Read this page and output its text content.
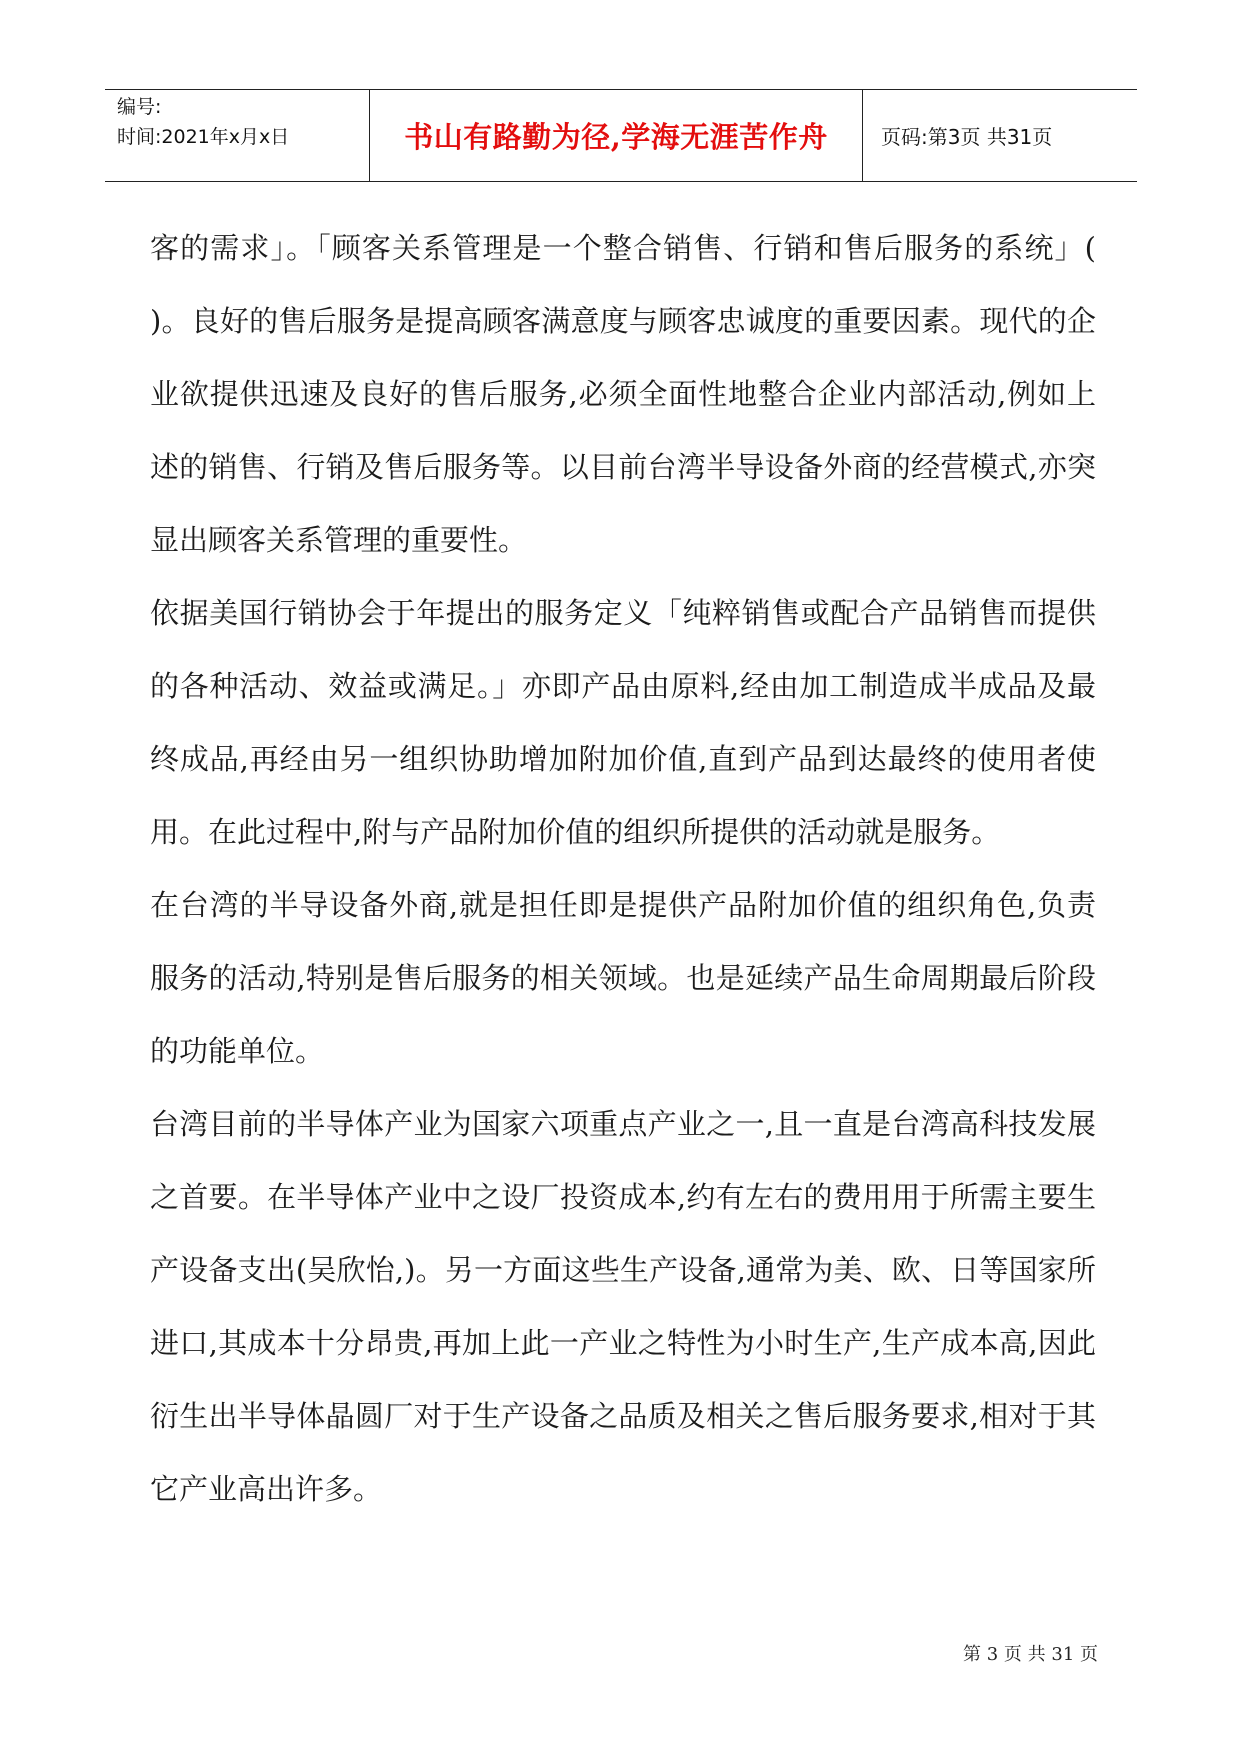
编号:
时间:2021年x月x日	书山有路勤为径,学海无涯苦作舟	页码:第3页 共31页

客的需求」。「顾客关系管理是一个整合销售、行销和售后服务的系统」( )。良好的售后服务是提高顾客满意度与顾客忠诚度的重要因素。现代的企业欲提供迅速及良好的售后服务,必须全面性地整合企业内部活动,例如上述的销售、行销及售后服务等。以目前台湾半导设备外商的经营模式,亦突显出顾客关系管理的重要性。

依据美国行销协会于年提出的服务定义「纯粹销售或配合产品销售而提供的各种活动、效益或满足。」亦即产品由原料,经由加工制造成半成品及最终成品,再经由另一组织协助增加附加价值,直到产品到达最终的使用者使用。在此过程中,附与产品附加价值的组织所提供的活动就是服务。

在台湾的半导设备外商,就是担任即是提供产品附加价值的组织角色,负责服务的活动,特别是售后服务的相关领域。也是延续产品生命周期最后阶段的功能单位。

台湾目前的半导体产业为国家六项重点产业之一,且一直是台湾高科技发展之首要。在半导体产业中之设厂投资成本,约有左右的费用用于所需主要生产设备支出(吴欣怡,)。另一方面这些生产设备,通常为美、欧、日等国家所进口,其成本十分昂贵,再加上此一产业之特性为小时生产,生产成本高,因此衍生出半导体晶圆厂对于生产设备之品质及相关之售后服务要求,相对于其它产业高出许多。

第 3 页 共 31 页
